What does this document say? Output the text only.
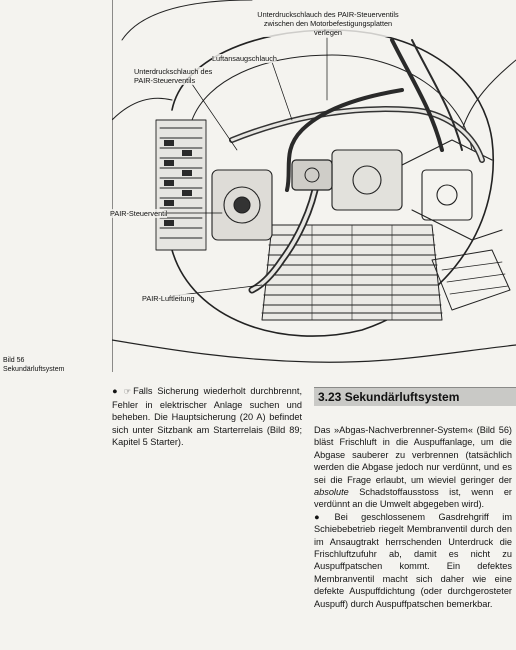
Unterdruckschlauch des PAIR-Steuerventils zwischen den Motorbefestigungsplatten verlegen
Luftansaugschlauch
Unterdruckschlauch des PAIR-Steuerventils
PAIR-Steuerventil
PAIR-Luftleitung
Bild 56
Sekundärluftsystem
● ☞ Falls Sicherung wiederholt durchbrennt, Fehler in elektrischer Anlage suchen und beheben. Die Hauptsicherung (20 A) befindet sich unter Sitzbank am Starterrelais (Bild 89; Kapitel 5 Starter).
3.23 Sekundärluftsystem

Das »Abgas-Nachverbrenner-System« (Bild 56) bläst Frischluft in die Auspuffanlage, um die Abgase sauberer zu verbrennen (tatsächlich werden die Abgase jedoch nur verdünnt, und es sei die Frage erlaubt, um wieviel geringer der absolute Schadstoffausstoss ist, wenn er verdünnt an die Umwelt abgegeben wird).

● Bei geschlossenem Gasdrehgriff im Schiebebetrieb riegelt Membranventil durch den im Ansaugtrakt herrschenden Unterdruck die Frischluftzufuhr ab, damit es nicht zu Auspuffpatschen kommt. Ein defektes Membranventil macht sich daher wie eine defekte Auspuffdichtung (oder durchgerosteter Auspuff) durch Auspuffpatschen bemerkbar.
